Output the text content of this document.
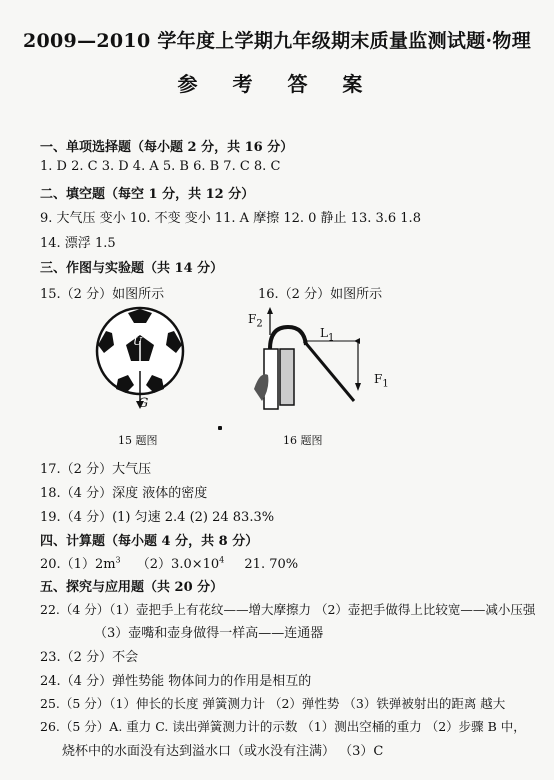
2009—2010 学年度上学期九年级期末质量监测试题·物理
参 考 答 案
一、单项选择题（每小题 2 分，共 16 分）
1. D 2. C 3. D 4. A 5. B 6. B 7. C 8. C
二、填空题（每空 1 分，共 12 分）
9. 大气压 变小 10. 不变 变小 11. A 摩擦 12. 0 静止 13. 3.6 1.8
14. 漂浮 1.5
三、作图与实验题（共 14 分）
15.（2 分）如图所示	16.（2 分）如图所示
U
G
$F_2$
$L_1$
$F_1$
15 题图	16 题图
17.（2 分）大气压
18.（4 分）深度 液体的密度
19.（4 分）(1) 匀速 2.4 (2) 24 83.3%
四、计算题（每小题 4 分，共 8 分）
$20.(1)2m^3$ $(2)3.0\times 10^4$ 21. 70%
五、探究与应用题（共 20 分）
22.（4 分）（1）壶把手上有花纹——增大摩擦力 （2）壶把手做得上比较宽——减小压强
（3）壶嘴和壶身做得一样高——连通器
23.（2 分）不会
24.（4 分）弹性势能 物体间力的作用是相互的
25.（5 分）（1）伸长的长度 弹簧测力计 （2）弹性势 （3）铁弹被射出的距离 越大
26.（5 分）A. 重力 C. 读出弹簧测力计的示数 （1）测出空桶的重力 （2）步骤 B 中，
烧杯中的水面没有达到溢水口（或水没有注满） （3）C
